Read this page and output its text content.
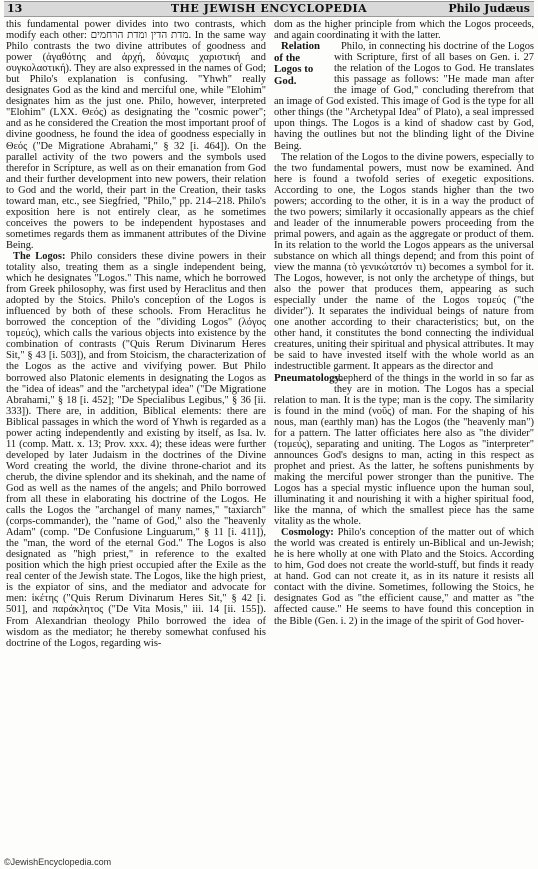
13	THE JEWISH ENCYCLOPEDIA	Philo Judæus

this fundamental power divides into two contrasts, which modify each other: מדת הדין ומדת הרחמים. In the same way Philo contrasts the two divine attributes of goodness and power (ἀγαθότης and ἀρχή, δύναμις χαριστική and συγκολαστική). They are also expressed in the names of God; but Philo's explanation is confusing. "Yhwh" really designates God as the kind and merciful one, while "Elohim" designates him as the just one. Philo, however, interpreted "Elohim" (LXX. Θεός) as designating the "cosmic power"; and as he considered the Creation the most important proof of divine goodness, he found the idea of goodness especially in Θεός ("De Migratione Abrahami," § 32 [i. 464]). On the parallel activity of the two powers and the symbols used therefor in Scripture, as well as on their emanation from God and their further development into new powers, their relation to God and the world, their part in the Creation, their tasks toward man, etc., see Siegfried, "Philo," pp. 214–218. Philo's exposition here is not entirely clear, as he sometimes conceives the powers to be independent hypostases and sometimes regards them as immanent attributes of the Divine Being.

The Logos: Philo considers these divine powers in their totality also, treating them as a single independent being, which he designates "Logos." This name, which he borrowed from Greek philosophy, was first used by Heraclitus and then adopted by the Stoics. Philo's conception of the Logos is influenced by both of these schools. From Heraclitus he borrowed the conception of the "dividing Logos" (λόγος τομεύς), which calls the various objects into existence by the combination of contrasts ("Quis Rerum Divinarum Heres Sit," § 43 [i. 503]), and from Stoicism, the characterization of the Logos as the active and vivifying power. But Philo borrowed also Platonic elements in designating the Logos as the "idea of ideas" and the "archetypal idea" ("De Migratione Abrahami," § 18 [i. 452]; "De Specialibus Legibus," § 36 [ii. 333]). There are, in addition, Biblical elements: there are Biblical passages in which the word of Yhwh is regarded as a power acting independently and existing by itself, as Isa. lv. 11 (comp. Matt. x. 13; Prov. xxx. 4); these ideas were further developed by later Judaism in the doctrines of the Divine Word creating the world, the divine throne-chariot and its cherub, the divine splendor and its shekinah, and the name of God as well as the names of the angels; and Philo borrowed from all these in elaborating his doctrine of the Logos. He calls the Logos the "archangel of many names," "taxiarch" (corps-commander), the "name of God," also the "heavenly Adam" (comp. "De Confusione Linguarum," § 11 [i. 411]), the "man, the word of the eternal God." The Logos is also designated as "high priest," in reference to the exalted position which the high priest occupied after the Exile as the real center of the Jewish state. The Logos, like the high priest, is the expiator of sins, and the mediator and advocate for men: ἱκέτης ("Quis Rerum Divinarum Heres Sit," § 42 [i. 501], and παράκλητος ("De Vita Mosis," iii. 14 [ii. 155]). From Alexandrian theology Philo borrowed the idea of wisdom as the mediator; he thereby somewhat confused his doctrine of the Logos, regarding wis-

dom as the higher principle from which the Logos proceeds, and again coordinating it with the latter.

Relation of the Logos to God.
Philo, in connecting his doctrine of the Logos with Scripture, first of all bases on Gen. i. 27 the relation of the Logos to God. He translates this passage as follows: "He made man after the image of God," concluding therefrom that an image of God existed. This image of God is the type for all other things (the "Archetypal Idea" of Plato), a seal impressed upon things. The Logos is a kind of shadow cast by God, having the outlines but not the blinding light of the Divine Being.

The relation of the Logos to the divine powers, especially to the two fundamental powers, must now be examined. And here is found a twofold series of exegetic expositions. According to one, the Logos stands higher than the two powers; according to the other, it is in a way the product of the two powers; similarly it occasionally appears as the chief and leader of the innumerable powers proceeding from the primal powers, and again as the aggregate or product of them. In its relation to the world the Logos appears as the universal substance on which all things depend; and from this point of view the manna (τὸ γενικώτατόν τι) becomes a symbol for it. The Logos, however, is not only the archetype of things, but also the power that produces them, appearing as such especially under the name of the Logos τομεύς ("the divider"). It separates the individual beings of nature from one another according to their characteristics; but, on the other hand, it constitutes the bond connecting the individual creatures, uniting their spiritual and physical attributes. It may be said to have invested itself with the whole world as an indestructible garment. It appears as the director and

Pneumatology.
shepherd of the things in the world in so far as they are in motion. The Logos has a special relation to man. It is the type; man is the copy. The similarity is found in the mind (νοῦς) of man. For the shaping of his nous, man (earthly man) has the Logos (the "heavenly man") for a pattern. The latter officiates here also as "the divider" (τομεύς), separating and uniting. The Logos as "interpreter" announces God's designs to man, acting in this respect as prophet and priest. As the latter, he softens punishments by making the merciful power stronger than the punitive. The Logos has a special mystic influence upon the human soul, illuminating it and nourishing it with a higher spiritual food, like the manna, of which the smallest piece has the same vitality as the whole.

Cosmology: Philo's conception of the matter out of which the world was created is entirely un-Biblical and un-Jewish; he is here wholly at one with Plato and the Stoics. According to him, God does not create the world-stuff, but finds it ready at hand. God can not create it, as in its nature it resists all contact with the divine. Sometimes, following the Stoics, he designates God as "the efficient cause," and matter as "the affected cause." He seems to have found this conception in the Bible (Gen. i. 2) in the image of the spirit of God hover-

©JewishEncyclopedia.com
